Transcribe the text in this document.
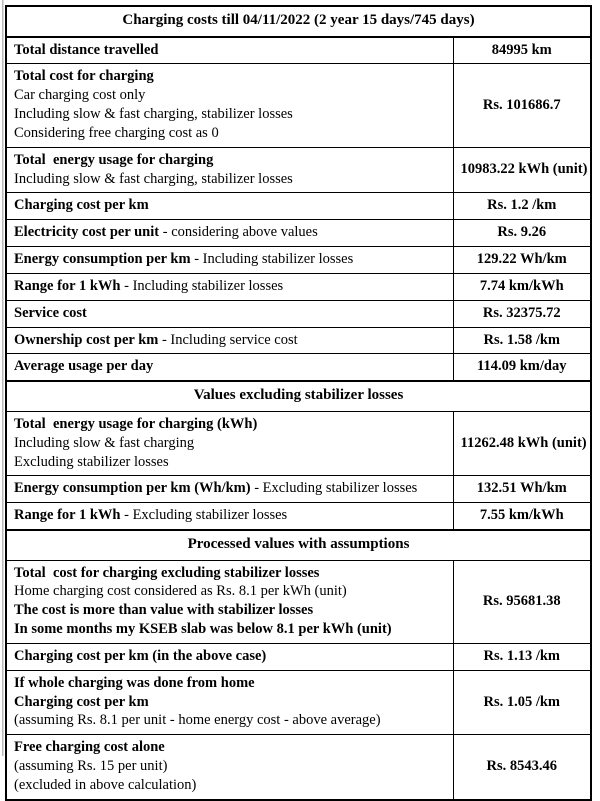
Charging costs till 04/11/2022 (2 year 15 days/745 days)	

Total distance travelled	84995 km

Total cost for charging
Car charging cost only
Including slow & fast charging, stabilizer losses
Considering free charging cost as 0	Rs. 101686.7

Total  energy usage for charging
Including slow & fast charging, stabilizer losses	10983.22 kWh (unit)

Charging cost per km	Rs. 1.2 /km

Electricity cost per unit - considering above values	Rs. 9.26

Energy consumption per km - Including stabilizer losses	129.22 Wh/km

Range for 1 kWh - Including stabilizer losses	7.74 km/kWh

Service cost	Rs. 32375.72

Ownership cost per km - Including service cost	Rs. 1.58 /km

Average usage per day	114.09 km/day
Values excluding stabilizer losses	

Total  energy usage for charging (kWh)
Including slow & fast charging
Excluding stabilizer losses	11262.48 kWh (unit)

Energy consumption per km (Wh/km) - Excluding stabilizer losses	132.51 Wh/km

Range for 1 kWh - Excluding stabilizer losses	7.55 km/kWh
Processed values with assumptions	

Total  cost for charging excluding stabilizer losses
Home charging cost considered as Rs. 8.1 per kWh (unit)
The cost is more than value with stabilizer losses
In some months my KSEB slab was below 8.1 per kWh (unit)	Rs. 95681.38

Charging cost per km (in the above case)	Rs. 1.13 /km

If whole charging was done from home
Charging cost per km
(assuming Rs. 8.1 per unit - home energy cost - above average)	Rs. 1.05 /km

Free charging cost alone
(assuming Rs. 15 per unit)
(excluded in above calculation)	Rs. 8543.46
